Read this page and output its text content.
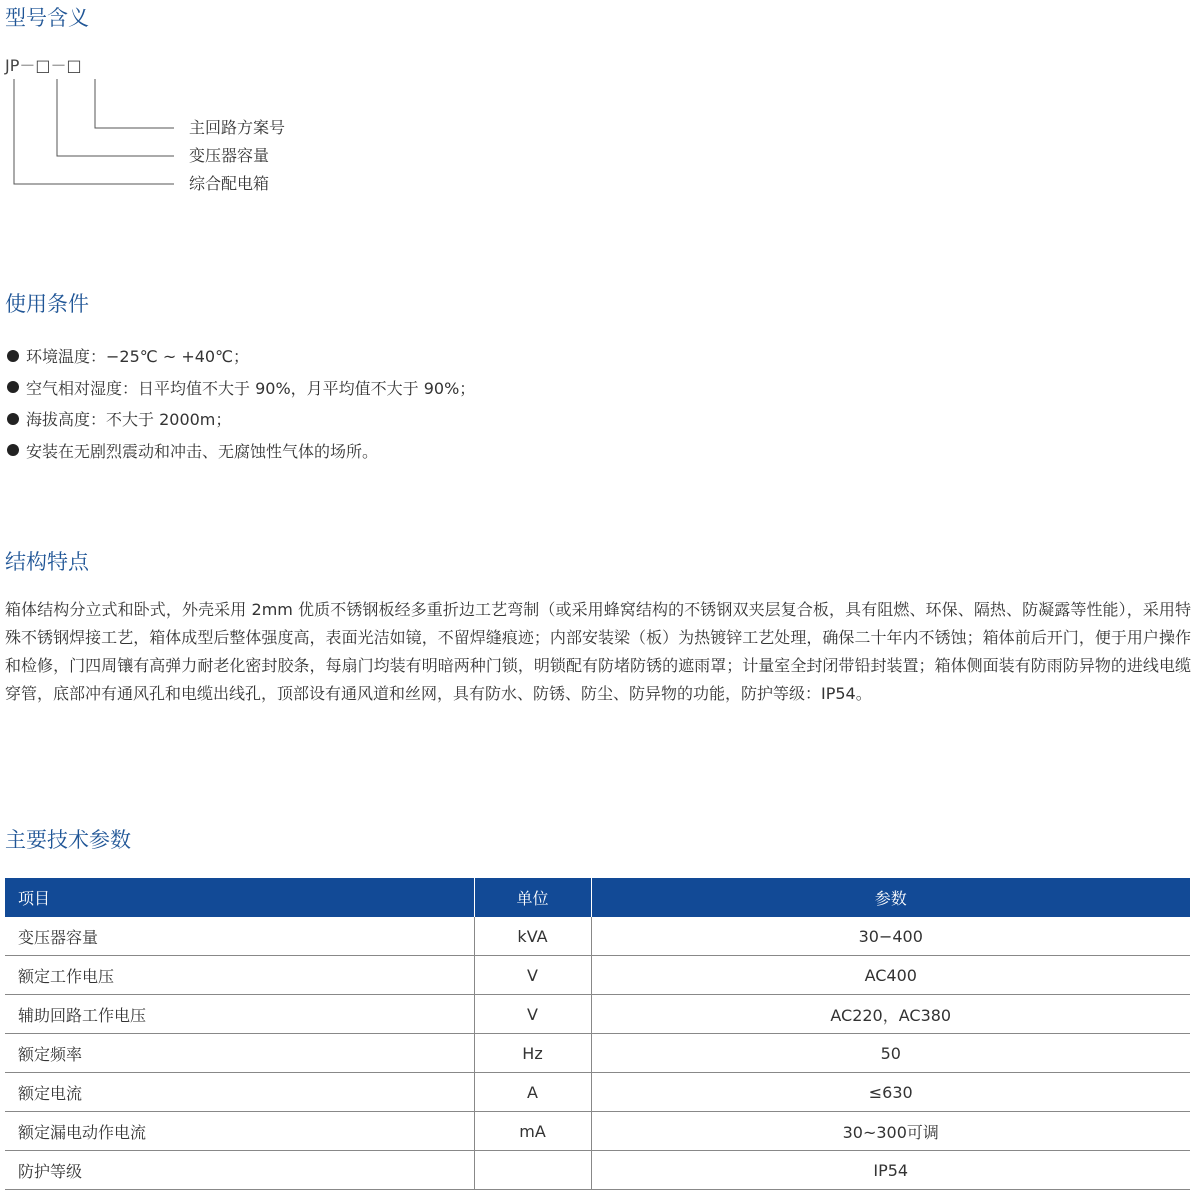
型号含义
JP－□－□
主回路方案号
变压器容量
综合配电箱
使用条件
环境温度：−25℃ ~ +40℃；
空气相对湿度：日平均值不大于 90%，月平均值不大于 90%；
海拔高度：不大于 2000m；
安装在无剧烈震动和冲击、无腐蚀性气体的场所。
结构特点

箱体结构分立式和卧式，外壳采用 2mm 优质不锈钢板经多重折边工艺弯制（或采用蜂窝结构的不锈钢双夹层复合板，具有阻燃、环保、隔热、防凝露等性能），采用特殊不锈钢焊接工艺，箱体成型后整体强度高，表面光洁如镜，不留焊缝痕迹；内部安装梁（板）为热镀锌工艺处理，确保二十年内不锈蚀；箱体前后开门，便于用户操作和检修，门四周镶有高弹力耐老化密封胶条，每扇门均装有明暗两种门锁，明锁配有防堵防锈的遮雨罩；计量室全封闭带铅封装置；箱体侧面装有防雨防异物的进线电缆穿管，底部冲有通风孔和电缆出线孔，顶部设有通风道和丝网，具有防水、防锈、防尘、防异物的功能，防护等级：IP54。

主要技术参数
项目	单位	参数
变压器容量	kVA	30−400
额定工作电压	V	AC400
辅助回路工作电压	V	AC220，AC380
额定频率	Hz	50
额定电流	A	≤630
额定漏电动作电流	mA	30~300可调
防护等级		IP54
